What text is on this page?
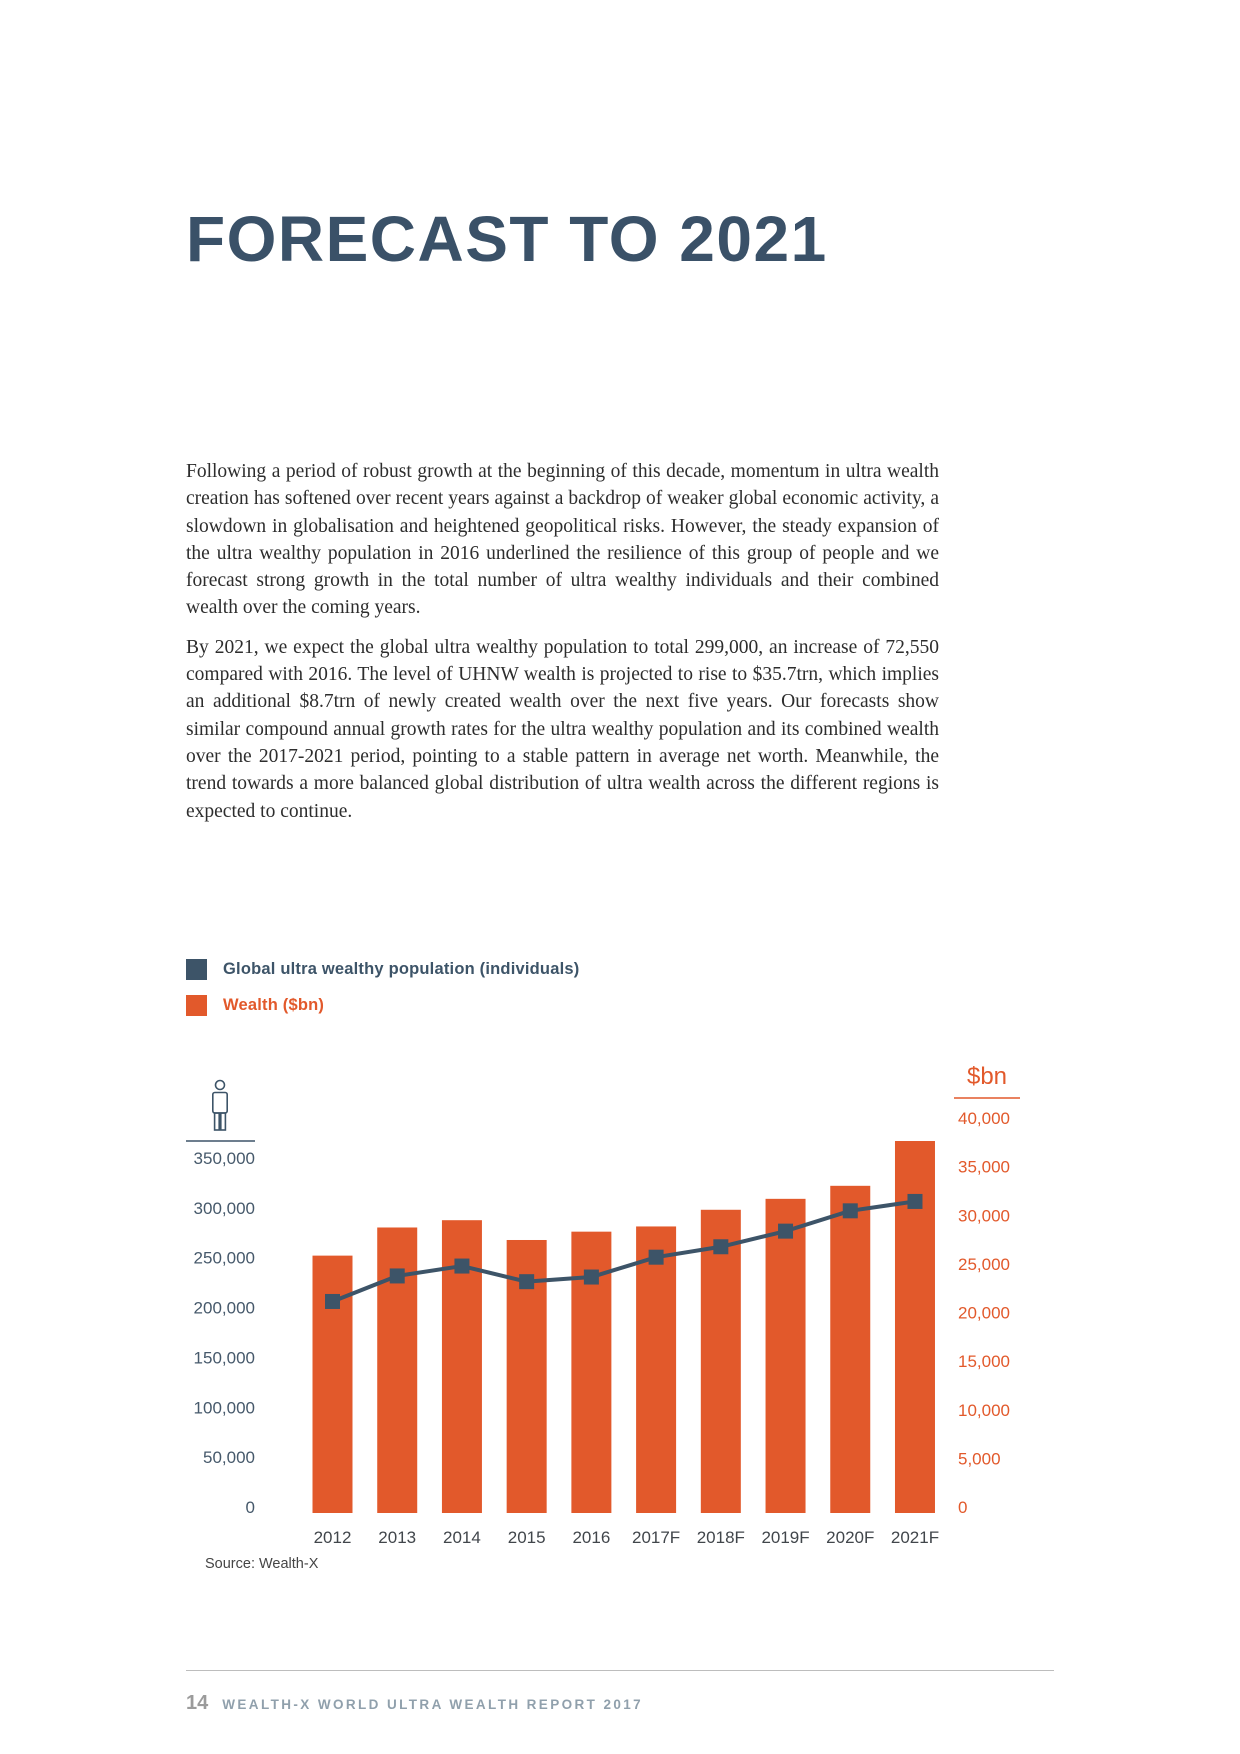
FORECAST TO 2021

Following a period of robust growth at the beginning of this decade, momentum in ultra wealth creation has softened over recent years against a backdrop of weaker global economic activity, a slowdown in globalisation and heightened geopolitical risks. However, the steady expansion of the ultra wealthy population in 2016 underlined the resilience of this group of people and we forecast strong growth in the total number of ultra wealthy individuals and their combined wealth over the coming years.

By 2021, we expect the global ultra wealthy population to total 299,000, an increase of 72,550 compared with 2016. The level of UHNW wealth is projected to rise to $35.7trn, which implies an additional $8.7trn of newly created wealth over the next five years. Our forecasts show similar compound annual growth rates for the ultra wealthy population and its combined wealth over the 2017-2021 period, pointing to a stable pattern in average net worth. Meanwhile, the trend towards a more balanced global distribution of ultra wealth across the different regions is expected to continue.

Global ultra wealthy population (individuals)
Wealth ($bn)
$bn
350,000
300,000
250,000
200,000
150,000
100,000
50,000
0
40,000
35,000
30,000
25,000
20,000
15,000
10,000
5,000
0
2012 2013 2014 2015 2016 2017F 2018F 2019F 2020F 2021F
Source: Wealth-X
14 WEALTH-X WORLD ULTRA WEALTH REPORT 2017
